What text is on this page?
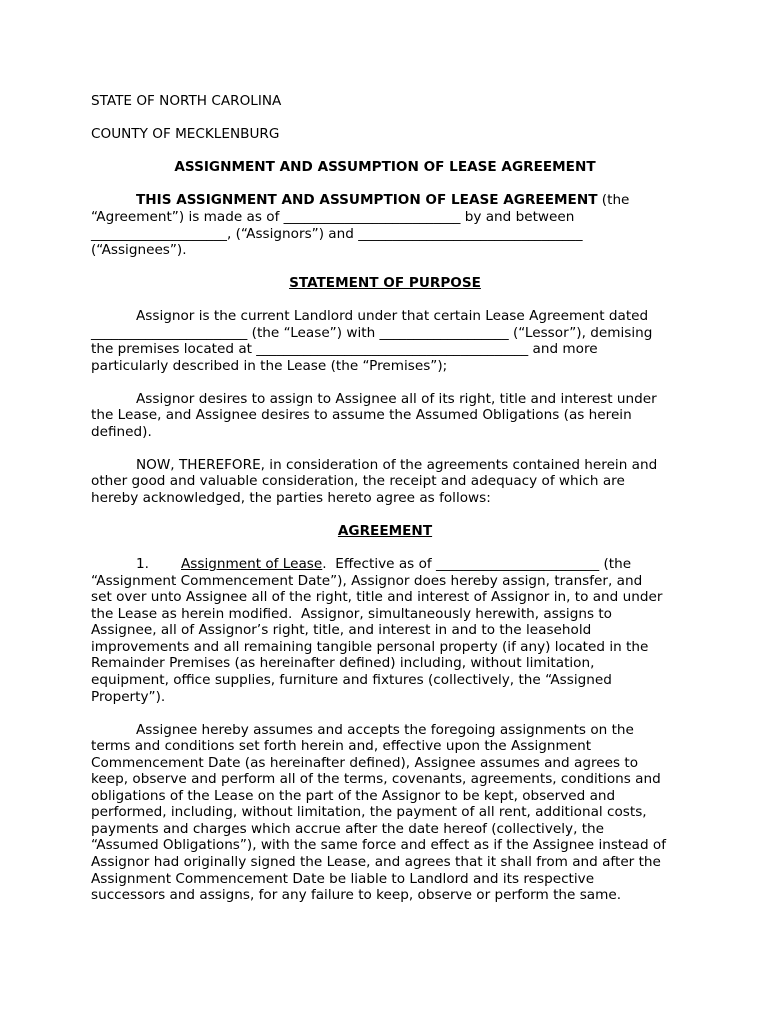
STATE OF NORTH CAROLINA

COUNTY OF MECKLENBURG

ASSIGNMENT AND ASSUMPTION OF LEASE AGREEMENT

THIS ASSIGNMENT AND ASSUMPTION OF LEASE AGREEMENT (the

“Agreement”) is made as of __________________________ by and between

____________________, (“Assignors”) and _________________________________

(“Assignees”).

STATEMENT OF PURPOSE

Assignor is the current Landlord under that certain Lease Agreement dated

_______________________ (the “Lease”) with ___________________ (“Lessor”), demising

the premises located at ________________________________________ and more

particularly described in the Lease (the “Premises”);

Assignor desires to assign to Assignee all of its right, title and interest under

the Lease, and Assignee desires to assume the Assumed Obligations (as herein

defined).

NOW, THEREFORE, in consideration of the agreements contained herein and

other good and valuable consideration, the receipt and adequacy of which are

hereby acknowledged, the parties hereto agree as follows:

AGREEMENT

1. Assignment of Lease.  Effective as of ________________________ (the

“Assignment Commencement Date”), Assignor does hereby assign, transfer, and

set over unto Assignee all of the right, title and interest of Assignor in, to and under

the Lease as herein modified.  Assignor, simultaneously herewith, assigns to

Assignee, all of Assignor’s right, title, and interest in and to the leasehold

improvements and all remaining tangible personal property (if any) located in the

Remainder Premises (as hereinafter defined) including, without limitation,

equipment, office supplies, furniture and fixtures (collectively, the “Assigned

Property”).

Assignee hereby assumes and accepts the foregoing assignments on the

terms and conditions set forth herein and, effective upon the Assignment

Commencement Date (as hereinafter defined), Assignee assumes and agrees to

keep, observe and perform all of the terms, covenants, agreements, conditions and

obligations of the Lease on the part of the Assignor to be kept, observed and

performed, including, without limitation, the payment of all rent, additional costs,

payments and charges which accrue after the date hereof (collectively, the

“Assumed Obligations”), with the same force and effect as if the Assignee instead of

Assignor had originally signed the Lease, and agrees that it shall from and after the

Assignment Commencement Date be liable to Landlord and its respective

successors and assigns, for any failure to keep, observe or perform the same.
